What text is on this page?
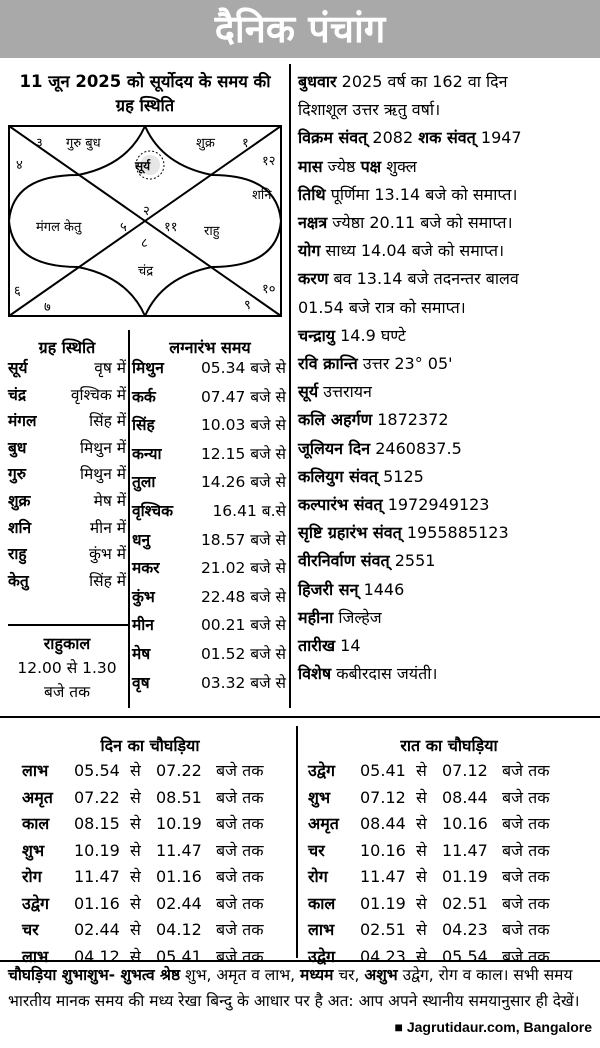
दैनिक पंचांग
11 जून 2025 को सूर्योदय के समय की ग्रह स्थिति
सूर्य
३
४
गुरु बुध	शुक्र १
१२
शनि
२
मंगल केतु	५
८
११ राहु
चंद्र
६
७	९
१०
ग्रह स्थिति
सूर्य	वृष में
चंद्र	वृश्चिक में
मंगल	सिंह में
बुध	मिथुन में
गुरु	मिथुन में
शुक्र	मेष में
शनि	मीन में
राहु	कुंभ में
केतु	सिंह में
राहुकाल
12.00 से 1.30
बजे तक
लग्नारंभ समय
मिथुन 05.34 बजे से
कर्क	07.47 बजे से
सिंह	10.03 बजे से
कन्या	12.15 बजे से
तुला	14.26 बजे से
वृश्चिक	16.41 ब.से
धनु	18.57 बजे से
मकर	21.02 बजे से
कुंभ	22.48 बजे से
मीन	00.21 बजे से
मेष	01.52 बजे से
वृष	03.32 बजे से
बुधवार 2025 वर्ष का 162 वा दिन
दिशाशूल उत्तर ऋतु वर्षा।
विक्रम संवत् 2082 शक संवत् 1947
मास ज्येष्ठ पक्ष शुक्ल
तिथि पूर्णिमा 13.14 बजे को समाप्त।
नक्षत्र ज्येष्ठा 20.11 बजे को समाप्त।
योग साध्य 14.04 बजे को समाप्त।
करण बव 13.14 बजे तदनन्तर बालव
01.54 बजे रात्र को समाप्त।
चन्द्रायु 14.9 घण्टे
रवि क्रान्ति उत्तर 23° 05'
सूर्य उत्तरायन
कलि अहर्गण 1872372
जूलियन दिन 2460837.5
कलियुग संवत् 5125
कल्पारंभ संवत् 1972949123
सृष्टि ग्रहारंभ संवत् 1955885123
वीरनिर्वाण संवत् 2551
हिजरी सन् 1446
महीना जिल्हेज
तारीख 14
विशेष कबीरदास जयंती।
दिन का चौघड़िया
लाभ	05.54 से 07.22 बजे तक
अमृत	07.22 से 08.51 बजे तक
काल	08.15 से 10.19 बजे तक
शुभ	10.19 से 11.47 बजे तक
रोग	11.47 से 01.16 बजे तक
उद्वेग	01.16 से 02.44 बजे तक
चर	02.44 से 04.12 बजे तक
लाभ	04.12 से 05.41 बजे तक
रात का चौघड़िया
उद्वेग	05.41 से 07.12 बजे तक
शुभ	07.12 से 08.44 बजे तक
अमृत	08.44 से 10.16 बजे तक
चर	10.16 से 11.47 बजे तक
रोग	11.47 से 01.19 बजे तक
काल	01.19 से 02.51 बजे तक
लाभ	02.51 से 04.23 बजे तक
उद्वेग	04.23 से 05.54 बजे तक
चौघड़िया शुभाशुभ- शुभत्व श्रेष्ठ शुभ, अमृत व लाभ, मध्यम चर, अशुभ उद्वेग, रोग व काल। सभी समय भारतीय मानक समय की मध्य रेखा बिन्दु के आधार पर है अत: आप अपने स्थानीय समयानुसार ही देखें।
■ Jagrutidaur.com, Bangalore
